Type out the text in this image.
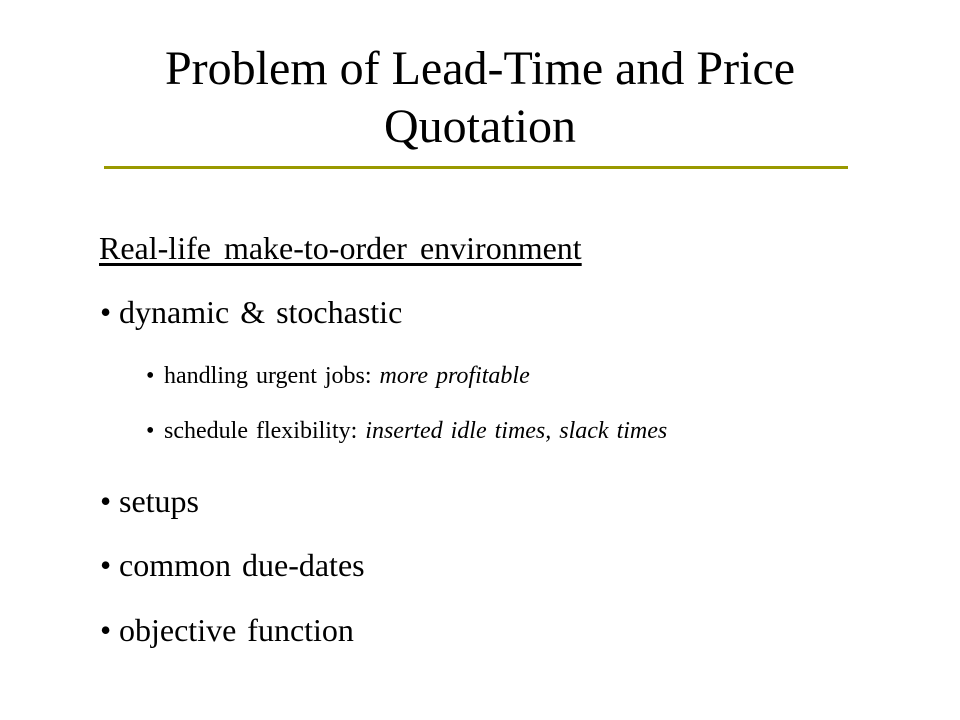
Problem of Lead-Time and Price
Quotation
Real-life make-to-order environment
• dynamic & stochastic
• handling urgent jobs: more profitable
• schedule flexibility: inserted idle times, slack times
• setups
• common due-dates
• objective function
